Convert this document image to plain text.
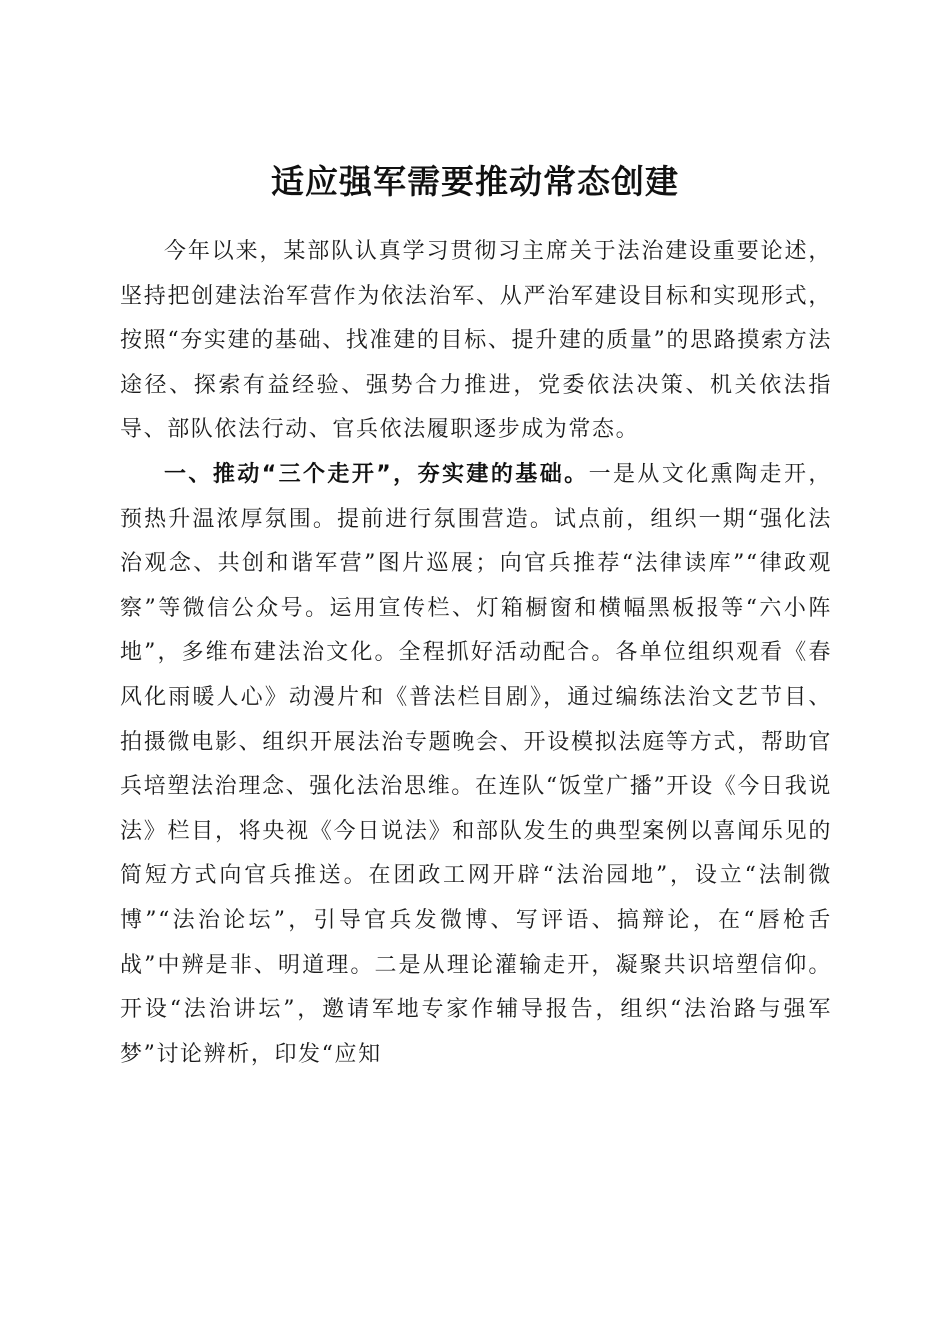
适应强军需要推动常态创建

今年以来，某部队认真学习贯彻习主席关于法治建设重要论述，坚持把创建法治军营作为依法治军、从严治军建设目标和实现形式，按照“夯实建的基础、找准建的目标、提升建的质量”的思路摸索方法途径、探索有益经验、强势合力推进，党委依法决策、机关依法指导、部队依法行动、官兵依法履职逐步成为常态。

一、推动“三个走开”，夯实建的基础。一是从文化熏陶走开，预热升温浓厚氛围。提前进行氛围营造。试点前，组织一期“强化法治观念、共创和谐军营”图片巡展；向官兵推荐“法律读库”“律政观察”等微信公众号。运用宣传栏、灯箱橱窗和横幅黑板报等“六小阵地”，多维布建法治文化。全程抓好活动配合。各单位组织观看《春风化雨暖人心》动漫片和《普法栏目剧》，通过编练法治文艺节目、拍摄微电影、组织开展法治专题晚会、开设模拟法庭等方式，帮助官兵培塑法治理念、强化法治思维。在连队“饭堂广播”开设《今日我说法》栏目，将央视《今日说法》和部队发生的典型案例以喜闻乐见的简短方式向官兵推送。在团政工网开辟“法治园地”，设立“法制微博”“法治论坛”，引导官兵发微博、写评语、搞辩论，在“唇枪舌战”中辨是非、明道理。二是从理论灌输走开，凝聚共识培塑信仰。开设“法治讲坛”，邀请军地专家作辅导报告，组织“法治路与强军梦”讨论辨析，印发“应知
